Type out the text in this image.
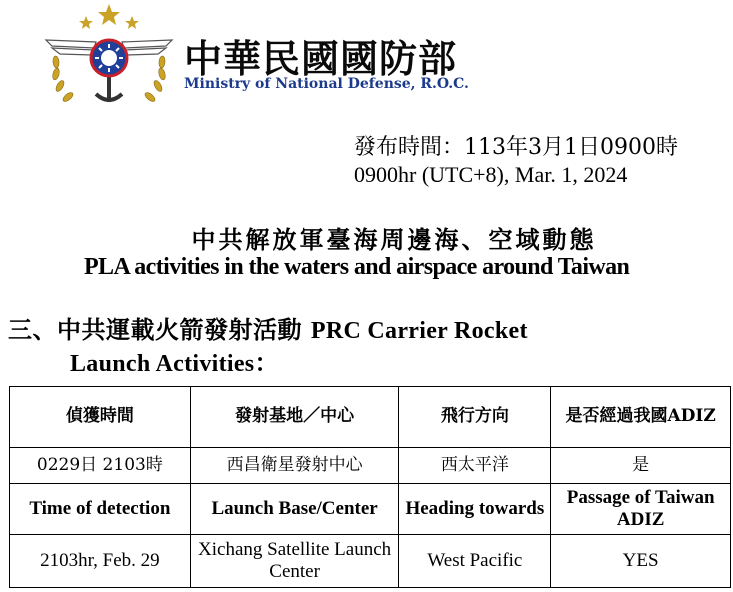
中華民國國防部
Ministry of National Defense, R.O.C.
發布時間：113年3月1日0900時
0900hr (UTC+8), Mar. 1, 2024
中共解放軍臺海周邊海、空域動態
PLA activities in the waters and airspace around Taiwan
三、中共運載火箭發射活動 PRC Carrier Rocket
Launch Activities：
偵獲時間	發射基地／中心	飛行方向	是否經過我國ADIZ
0229日 2103時	西昌衛星發射中心	西太平洋	是
Time of detection	Launch Base/Center	Heading towards	Passage of Taiwan ADIZ
2103hr, Feb. 29	Xichang Satellite Launch Center	West Pacific	YES
